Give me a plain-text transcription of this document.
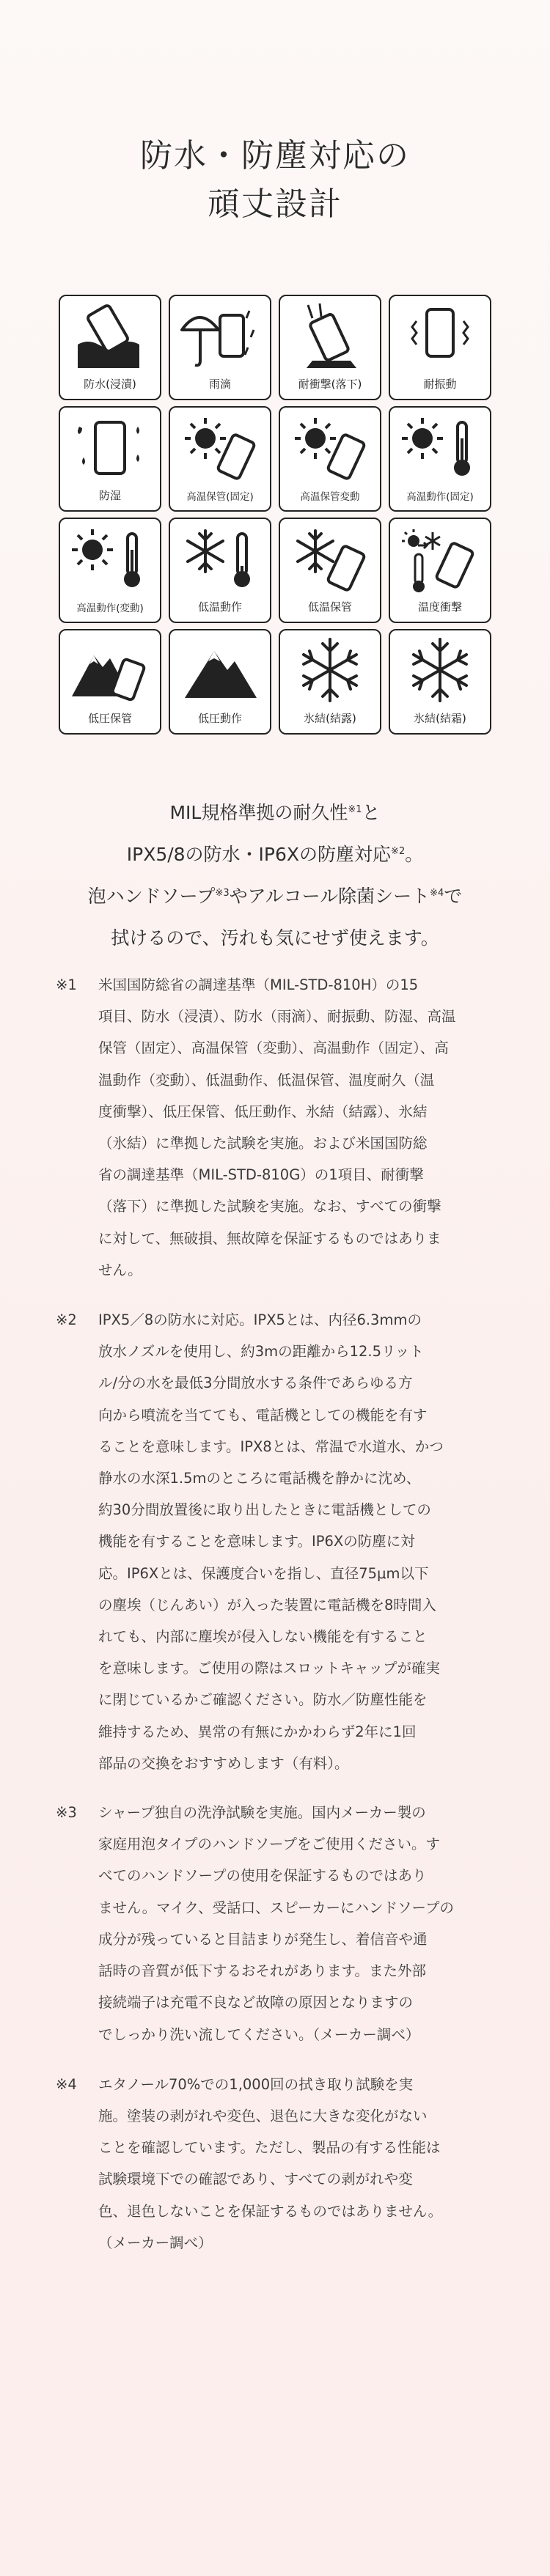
防水・防塵対応の
頑丈設計
防水(浸漬)	雨滴	耐衝撃(落下)	耐振動
防湿	高温保管(固定)	高温保管変動	高温動作(固定)
高温動作(変動)	低温動作	低温保管	温度衝撃
低圧保管	低圧動作	氷結(結露)	氷結(結霜)
MIL規格準拠の耐久性$^{※1}$と
IPX5/8の防水・IP6Xの防塵対応$^{※2}$。
泡ハンドソープ$^{※3}$やアルコール除菌シート$^{※4}$で
拭けるので、汚れも気にせず使えます。
※1 米国国防総省の調達基準（MIL-STD-810H）の15
項目、防水（浸漬）、防水（雨滴）、耐振動、防湿、高温
保管（固定）、高温保管（変動）、高温動作（固定）、高
温動作（変動）、低温動作、低温保管、温度耐久（温
度衝撃）、低圧保管、低圧動作、氷結（結露）、氷結
（氷結）に準拠した試験を実施。および米国国防総
省の調達基準（MIL-STD-810G）の1項目、耐衝撃
（落下）に準拠した試験を実施。なお、すべての衝撃
に対して、無破損、無故障を保証するものではありま
せん。
※2 IPX5／8の防水に対応。IPX5とは、内径6.3mmの
放水ノズルを使用し、約3mの距離から12.5リット
ル/分の水を最低3分間放水する条件であらゆる方
向から噴流を当てても、電話機としての機能を有す
ることを意味します。IPX8とは、常温で水道水、かつ
静水の水深1.5mのところに電話機を静かに沈め、
約30分間放置後に取り出したときに電話機としての
機能を有することを意味します。IP6Xの防塵に対
応。IP6Xとは、保護度合いを指し、直径75μm以下
の塵埃（じんあい）が入った装置に電話機を8時間入
れても、内部に塵埃が侵入しない機能を有すること
を意味します。ご使用の際はスロットキャップが確実
に閉じているかご確認ください。防水／防塵性能を
維持するため、異常の有無にかかわらず2年に1回
部品の交換をおすすめします（有料）。
※3 シャープ独自の洗浄試験を実施。国内メーカー製の
家庭用泡タイプのハンドソープをご使用ください。す
べてのハンドソープの使用を保証するものではあり
ません。マイク、受話口、スピーカーにハンドソープの
成分が残っていると目詰まりが発生し、着信音や通
話時の音質が低下するおそれがあります。また外部
接続端子は充電不良など故障の原因となりますの
でしっかり洗い流してください。（メーカー調べ）
※4 エタノール70%での1,000回の拭き取り試験を実
施。塗装の剥がれや変色、退色に大きな変化がない
ことを確認しています。ただし、製品の有する性能は
試験環境下での確認であり、すべての剥がれや変
色、退色しないことを保証するものではありません。
（メーカー調べ）
